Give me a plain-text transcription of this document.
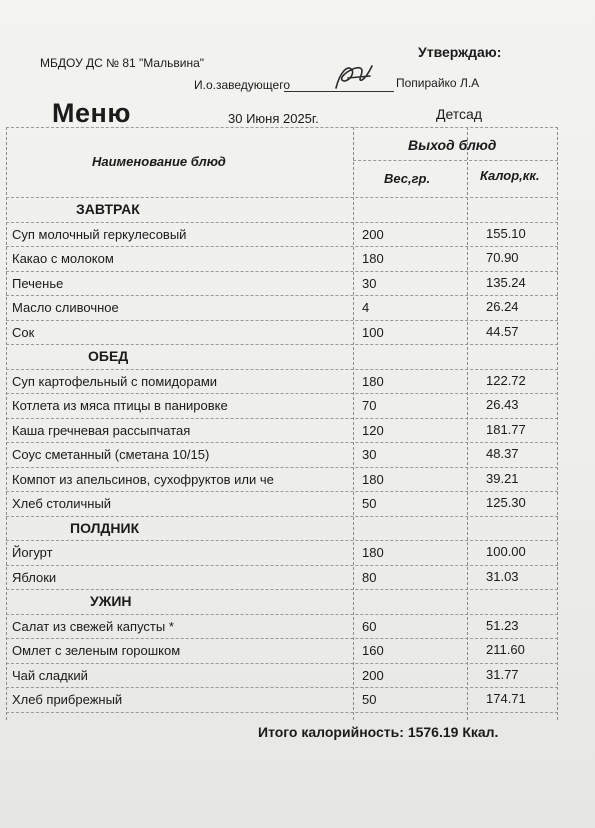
МБДОУ ДС № 81 "Мальвина"
Утверждаю:
И.о.заведующего	Попирайко Л.А
Меню	30 Июня 2025г.	Детсад
Наименование блюд
Выход блюд
Вес,гр.	Калор,кк.
ЗАВТРАК
Суп молочный геркулесовый	200	155.10
Какао с молоком	180	70.90
Печенье	30	135.24
Масло сливочное	4	26.24
Сок	100	44.57
ОБЕД
Суп картофельный с помидорами	180	122.72
Котлета из мяса птицы в панировке	70	26.43
Каша гречневая рассыпчатая	120	181.77
Соус сметанный (сметана 10/15)	30	48.37
Компот из апельсинов, сухофруктов или че	180	39.21
Хлеб столичный	50	125.30
ПОЛДНИК
Йогурт	180	100.00
Яблоки	80	31.03
УЖИН
Салат из свежей капусты *	60	51.23
Омлет с зеленым горошком	160	211.60
Чай сладкий	200	31.77
Хлеб прибрежный	50	174.71
Итого калорийность: 1576.19 Ккал.
